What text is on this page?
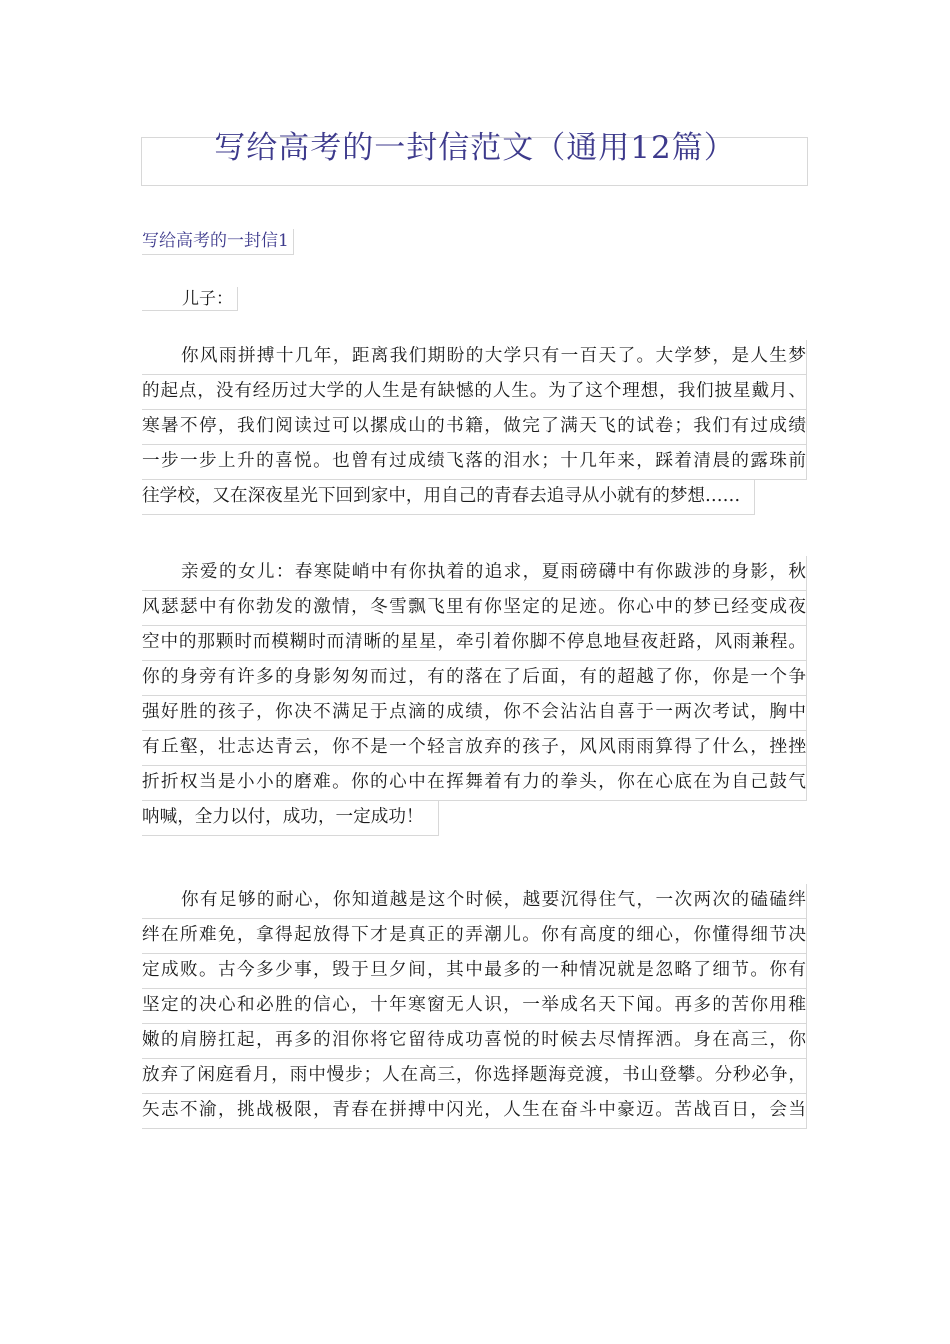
写给高考的一封信范文（通用12篇）
写给高考的一封信1
儿子：
你风雨拼搏十几年，距离我们期盼的大学只有一百天了。大学梦，是人生梦
的起点，没有经历过大学的人生是有缺憾的人生。为了这个理想，我们披星戴月、
寒暑不停，我们阅读过可以摞成山的书籍，做完了满天飞的试卷；我们有过成绩
一步一步上升的喜悦。也曾有过成绩飞落的泪水；十几年来，踩着清晨的露珠前
往学校，又在深夜星光下回到家中，用自己的青春去追寻从小就有的梦想……
亲爱的女儿：春寒陡峭中有你执着的追求，夏雨磅礴中有你跋涉的身影，秋
风瑟瑟中有你勃发的激情，冬雪飘飞里有你坚定的足迹。你心中的梦已经变成夜
空中的那颗时而模糊时而清晰的星星，牵引着你脚不停息地昼夜赶路，风雨兼程。
你的身旁有许多的身影匆匆而过，有的落在了后面，有的超越了你，你是一个争
强好胜的孩子，你决不满足于点滴的成绩，你不会沾沾自喜于一两次考试，胸中
有丘壑，壮志达青云，你不是一个轻言放弃的孩子，风风雨雨算得了什么，挫挫
折折权当是小小的磨难。你的心中在挥舞着有力的拳头，你在心底在为自己鼓气
呐喊，全力以付，成功，一定成功！
你有足够的耐心，你知道越是这个时候，越要沉得住气，一次两次的磕磕绊
绊在所难免，拿得起放得下才是真正的弄潮儿。你有高度的细心，你懂得细节决
定成败。古今多少事，毁于旦夕间，其中最多的一种情况就是忽略了细节。你有
坚定的决心和必胜的信心，十年寒窗无人识，一举成名天下闻。再多的苦你用稚
嫩的肩膀扛起，再多的泪你将它留待成功喜悦的时候去尽情挥洒。身在高三，你
放弃了闲庭看月，雨中慢步；人在高三，你选择题海竞渡，书山登攀。分秒必争，
矢志不渝，挑战极限，青春在拼搏中闪光，人生在奋斗中豪迈。苦战百日，会当
